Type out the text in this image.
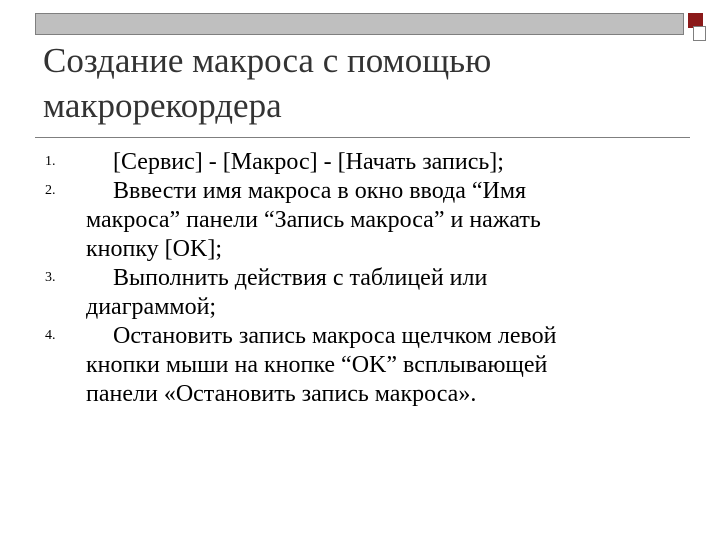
Создание макроса с помощью
макрорекордера
1.	[Сервис] - [Макрос] - [Начать запись];
2.	Вввести имя макроса в окно ввода “Имя
макроса” панели “Запись макроса” и нажать
кнопку [OK];
3.	Выполнить действия с таблицей или
диаграммой;
4.	Остановить запись макроса щелчком левой
кнопки мыши на кнопке “OK” всплывающей
панели «Остановить запись макроса».
